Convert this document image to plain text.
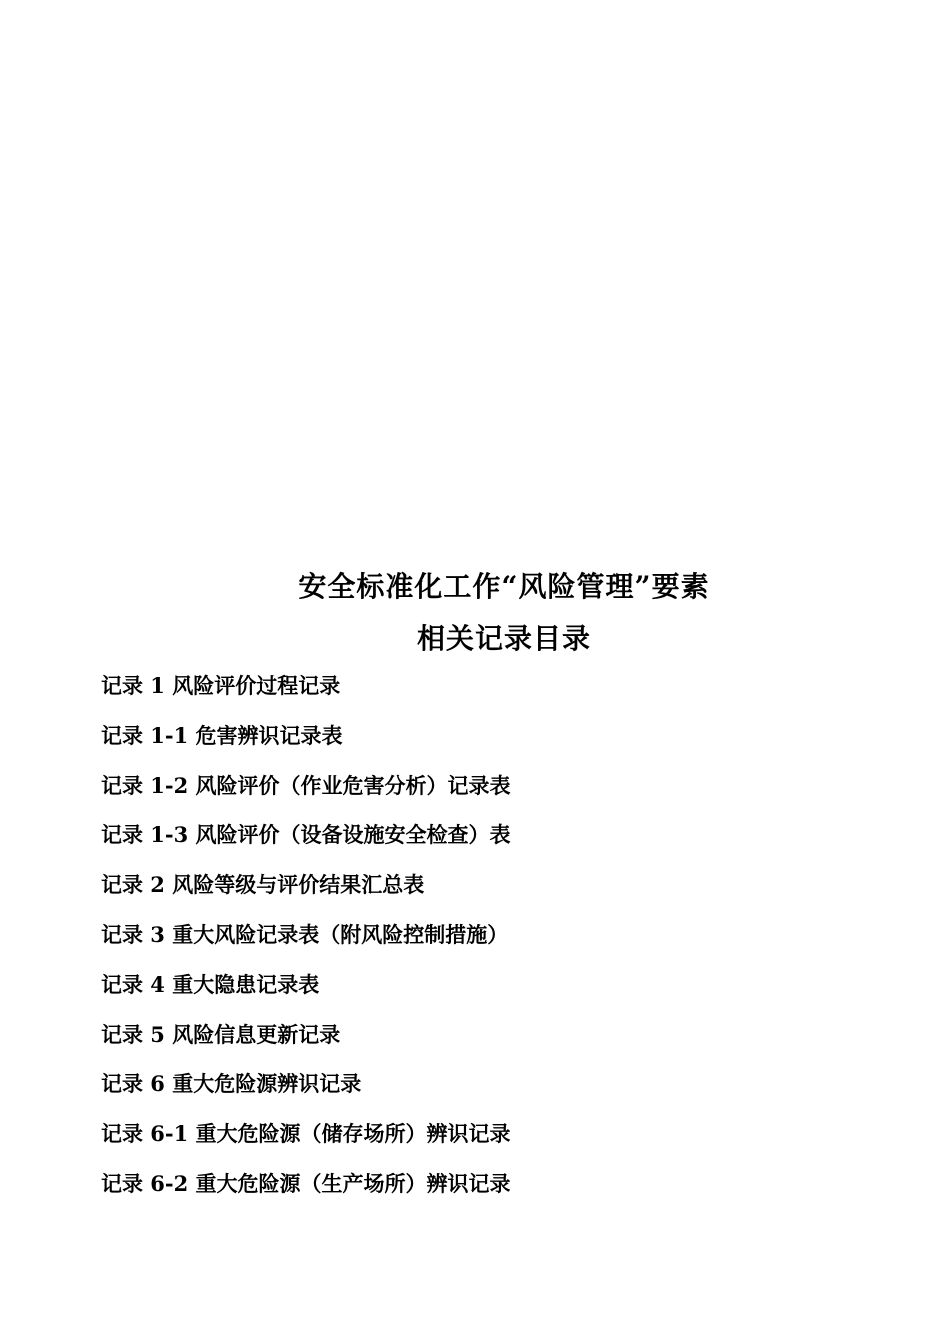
安全标准化工作“风险管理”要素
相关记录目录
记录 1 风险评价过程记录
记录 1-1 危害辨识记录表
记录 1-2 风险评价（作业危害分析）记录表
记录 1-3 风险评价（设备设施安全检查）表
记录 2 风险等级与评价结果汇总表
记录 3 重大风险记录表（附风险控制措施）
记录 4 重大隐患记录表
记录 5 风险信息更新记录
记录 6 重大危险源辨识记录
记录 6-1 重大危险源（储存场所）辨识记录
记录 6-2 重大危险源（生产场所）辨识记录
